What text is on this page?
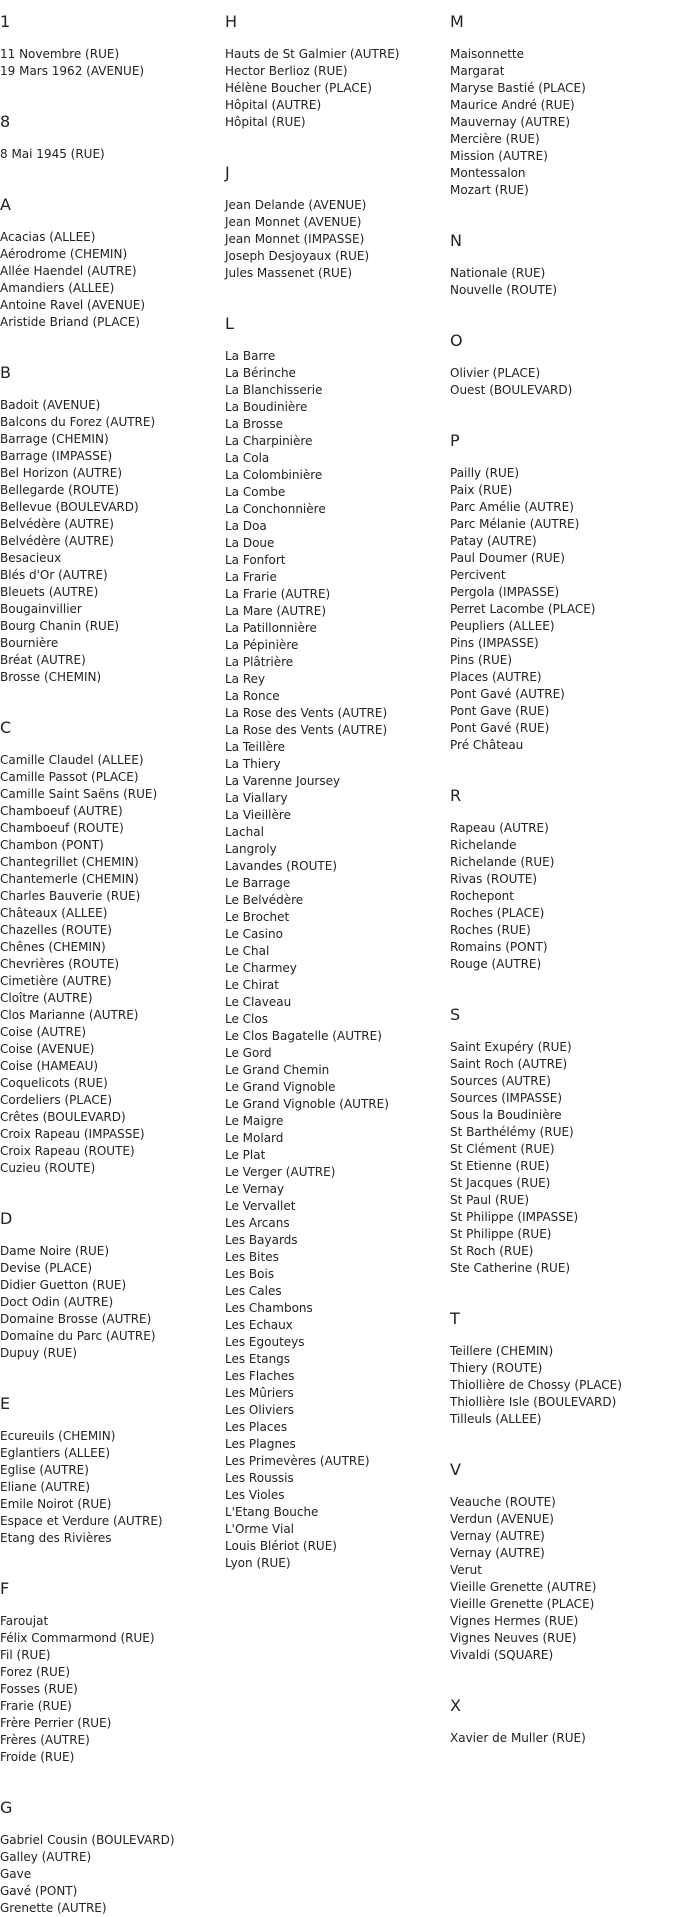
1
11 Novembre (RUE)
19 Mars 1962 (AVENUE)
8
8 Mai 1945 (RUE)
A
Acacias (ALLEE)
Aérodrome (CHEMIN)
Allée Haendel (AUTRE)
Amandiers (ALLEE)
Antoine Ravel (AVENUE)
Aristide Briand (PLACE)
B
Badoit (AVENUE)
Balcons du Forez (AUTRE)
Barrage (CHEMIN)
Barrage (IMPASSE)
Bel Horizon (AUTRE)
Bellegarde (ROUTE)
Bellevue (BOULEVARD)
Belvédère (AUTRE)
Belvédère (AUTRE)
Besacieux
Blés d'Or (AUTRE)
Bleuets (AUTRE)
Bougainvillier
Bourg Chanin (RUE)
Bournière
Bréat (AUTRE)
Brosse (CHEMIN)
C
Camille Claudel (ALLEE)
Camille Passot (PLACE)
Camille Saint Saëns (RUE)
Chamboeuf (AUTRE)
Chamboeuf (ROUTE)
Chambon (PONT)
Chantegrillet (CHEMIN)
Chantemerle (CHEMIN)
Charles Bauverie (RUE)
Châteaux (ALLEE)
Chazelles (ROUTE)
Chênes (CHEMIN)
Chevrières (ROUTE)
Cimetière (AUTRE)
Cloître (AUTRE)
Clos Marianne (AUTRE)
Coise (AUTRE)
Coise (AVENUE)
Coise (HAMEAU)
Coquelicots (RUE)
Cordeliers (PLACE)
Crêtes (BOULEVARD)
Croix Rapeau (IMPASSE)
Croix Rapeau (ROUTE)
Cuzieu (ROUTE)
D
Dame Noire (RUE)
Devise (PLACE)
Didier Guetton (RUE)
Doct Odin (AUTRE)
Domaine Brosse (AUTRE)
Domaine du Parc (AUTRE)
Dupuy (RUE)
E
Ecureuils (CHEMIN)
Eglantiers (ALLEE)
Eglise (AUTRE)
Eliane (AUTRE)
Emile Noirot (RUE)
Espace et Verdure (AUTRE)
Etang des Rivières
F
Faroujat
Félix Commarmond (RUE)
Fil (RUE)
Forez (RUE)
Fosses (RUE)
Frarie (RUE)
Frère Perrier (RUE)
Frères (AUTRE)
Froide (RUE)
G
Gabriel Cousin (BOULEVARD)
Galley (AUTRE)
Gave
Gavé (PONT)
Grenette (AUTRE)
H
Hauts de St Galmier (AUTRE)
Hector Berlioz (RUE)
Hélène Boucher (PLACE)
Hôpital (AUTRE)
Hôpital (RUE)
J
Jean Delande (AVENUE)
Jean Monnet (AVENUE)
Jean Monnet (IMPASSE)
Joseph Desjoyaux (RUE)
Jules Massenet (RUE)
L
La Barre
La Bérinche
La Blanchisserie
La Boudinière
La Brosse
La Charpinière
La Cola
La Colombinière
La Combe
La Conchonnière
La Doa
La Doue
La Fonfort
La Frarie
La Frarie (AUTRE)
La Mare (AUTRE)
La Patillonnière
La Pépinière
La Plâtrière
La Rey
La Ronce
La Rose des Vents (AUTRE)
La Rose des Vents (AUTRE)
La Teillère
La Thiery
La Varenne Joursey
La Viallary
La Vieillère
Lachal
Langroly
Lavandes (ROUTE)
Le Barrage
Le Belvédère
Le Brochet
Le Casino
Le Chal
Le Charmey
Le Chirat
Le Claveau
Le Clos
Le Clos Bagatelle (AUTRE)
Le Gord
Le Grand Chemin
Le Grand Vignoble
Le Grand Vignoble (AUTRE)
Le Maigre
Le Molard
Le Plat
Le Verger (AUTRE)
Le Vernay
Le Vervallet
Les Arcans
Les Bayards
Les Bites
Les Bois
Les Cales
Les Chambons
Les Echaux
Les Egouteys
Les Etangs
Les Flaches
Les Mûriers
Les Oliviers
Les Places
Les Plagnes
Les Primevères (AUTRE)
Les Roussis
Les Violes
L'Etang Bouche
L'Orme Vial
Louis Blériot (RUE)
Lyon (RUE)
M
Maisonnette
Margarat
Maryse Bastié (PLACE)
Maurice André (RUE)
Mauvernay (AUTRE)
Mercière (RUE)
Mission (AUTRE)
Montessalon
Mozart (RUE)
N
Nationale (RUE)
Nouvelle (ROUTE)
O
Olivier (PLACE)
Ouest (BOULEVARD)
P
Pailly (RUE)
Paix (RUE)
Parc Amélie (AUTRE)
Parc Mélanie (AUTRE)
Patay (AUTRE)
Paul Doumer (RUE)
Percivent
Pergola (IMPASSE)
Perret Lacombe (PLACE)
Peupliers (ALLEE)
Pins (IMPASSE)
Pins (RUE)
Places (AUTRE)
Pont Gavé (AUTRE)
Pont Gave (RUE)
Pont Gavé (RUE)
Pré Château
R
Rapeau (AUTRE)
Richelande
Richelande (RUE)
Rivas (ROUTE)
Rochepont
Roches (PLACE)
Roches (RUE)
Romains (PONT)
Rouge (AUTRE)
S
Saint Exupéry (RUE)
Saint Roch (AUTRE)
Sources (AUTRE)
Sources (IMPASSE)
Sous la Boudinière
St Barthélémy (RUE)
St Clément (RUE)
St Etienne (RUE)
St Jacques (RUE)
St Paul (RUE)
St Philippe (IMPASSE)
St Philippe (RUE)
St Roch (RUE)
Ste Catherine (RUE)
T
Teillere (CHEMIN)
Thiery (ROUTE)
Thiollière de Chossy (PLACE)
Thiollière Isle (BOULEVARD)
Tilleuls (ALLEE)
V
Veauche (ROUTE)
Verdun (AVENUE)
Vernay (AUTRE)
Vernay (AUTRE)
Verut
Vieille Grenette (AUTRE)
Vieille Grenette (PLACE)
Vignes Hermes (RUE)
Vignes Neuves (RUE)
Vivaldi (SQUARE)
X
Xavier de Muller (RUE)
